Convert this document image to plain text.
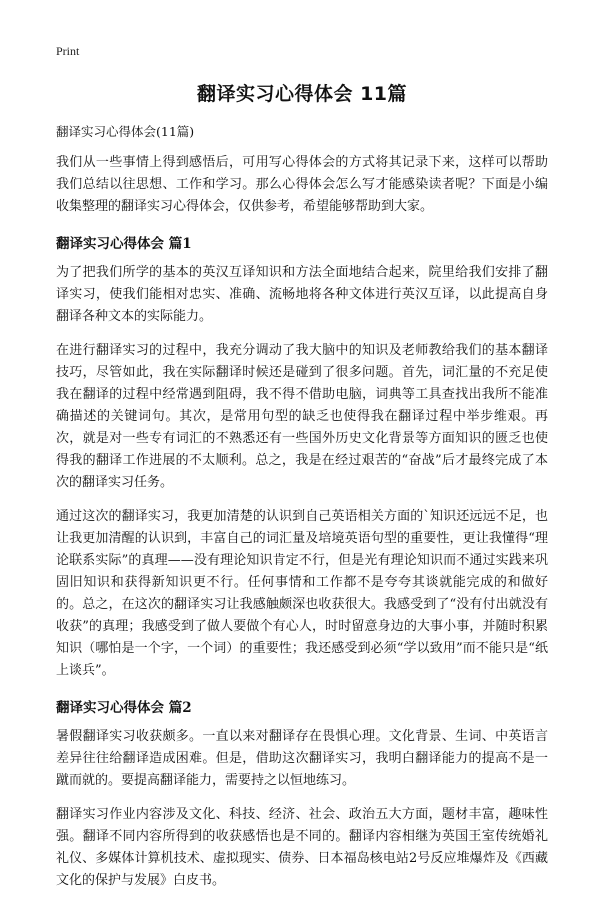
Print
翻译实习心得体会 11篇
翻译实习心得体会(11篇)

我们从一些事情上得到感悟后，可用写心得体会的方式将其记录下来，这样可以帮助我们总结以往思想、工作和学习。那么心得体会怎么写才能感染读者呢？下面是小编收集整理的翻译实习心得体会，仅供参考，希望能够帮助到大家。

翻译实习心得体会 篇1

为了把我们所学的基本的英汉互译知识和方法全面地结合起来，院里给我们安排了翻译实习，使我们能相对忠实、准确、流畅地将各种文体进行英汉互译，以此提高自身翻译各种文本的实际能力。

在进行翻译实习的过程中，我充分调动了我大脑中的知识及老师教给我们的基本翻译技巧，尽管如此，我在实际翻译时候还是碰到了很多问题。首先，词汇量的不充足使我在翻译的过程中经常遇到阻碍，我不得不借助电脑，词典等工具查找出我所不能准确描述的关键词句。其次，是常用句型的缺乏也使得我在翻译过程中举步维艰。再次，就是对一些专有词汇的不熟悉还有一些国外历史文化背景等方面知识的匮乏也使得我的翻译工作进展的不太顺利。总之，我是在经过艰苦的“奋战”后才最终完成了本次的翻译实习任务。

通过这次的翻译实习，我更加清楚的认识到自己英语相关方面的`知识还远远不足，也让我更加清醒的认识到，丰富自己的词汇量及培境英语句型的重要性，更让我懂得“理论联系实际”的真理——没有理论知识肯定不行，但是光有理论知识而不通过实践来巩固旧知识和获得新知识更不行。任何事情和工作都不是夸夸其谈就能完成的和做好的。总之，在这次的翻译实习让我感触颇深也收获很大。我感受到了“没有付出就没有收获”的真理；我感受到了做人要做个有心人，时时留意身边的大事小事，并随时积累知识（哪怕是一个字，一个词）的重要性；我还感受到必须“学以致用”而不能只是“纸上谈兵”。

翻译实习心得体会 篇2

暑假翻译实习收获颇多。一直以来对翻译存在畏惧心理。文化背景、生词、中英语言差异往往给翻译造成困难。但是，借助这次翻译实习，我明白翻译能力的提高不是一蹴而就的。要提高翻译能力，需要持之以恒地练习。

翻译实习作业内容涉及文化、科技、经济、社会、政治五大方面，题材丰富，趣味性强。翻译不同内容所得到的收获感悟也是不同的。翻译内容相继为英国王室传统婚礼礼仪、多媒体计算机技术、虚拟现实、债券、日本福岛核电站2号反应堆爆炸及《西藏文化的保护与发展》白皮书。
